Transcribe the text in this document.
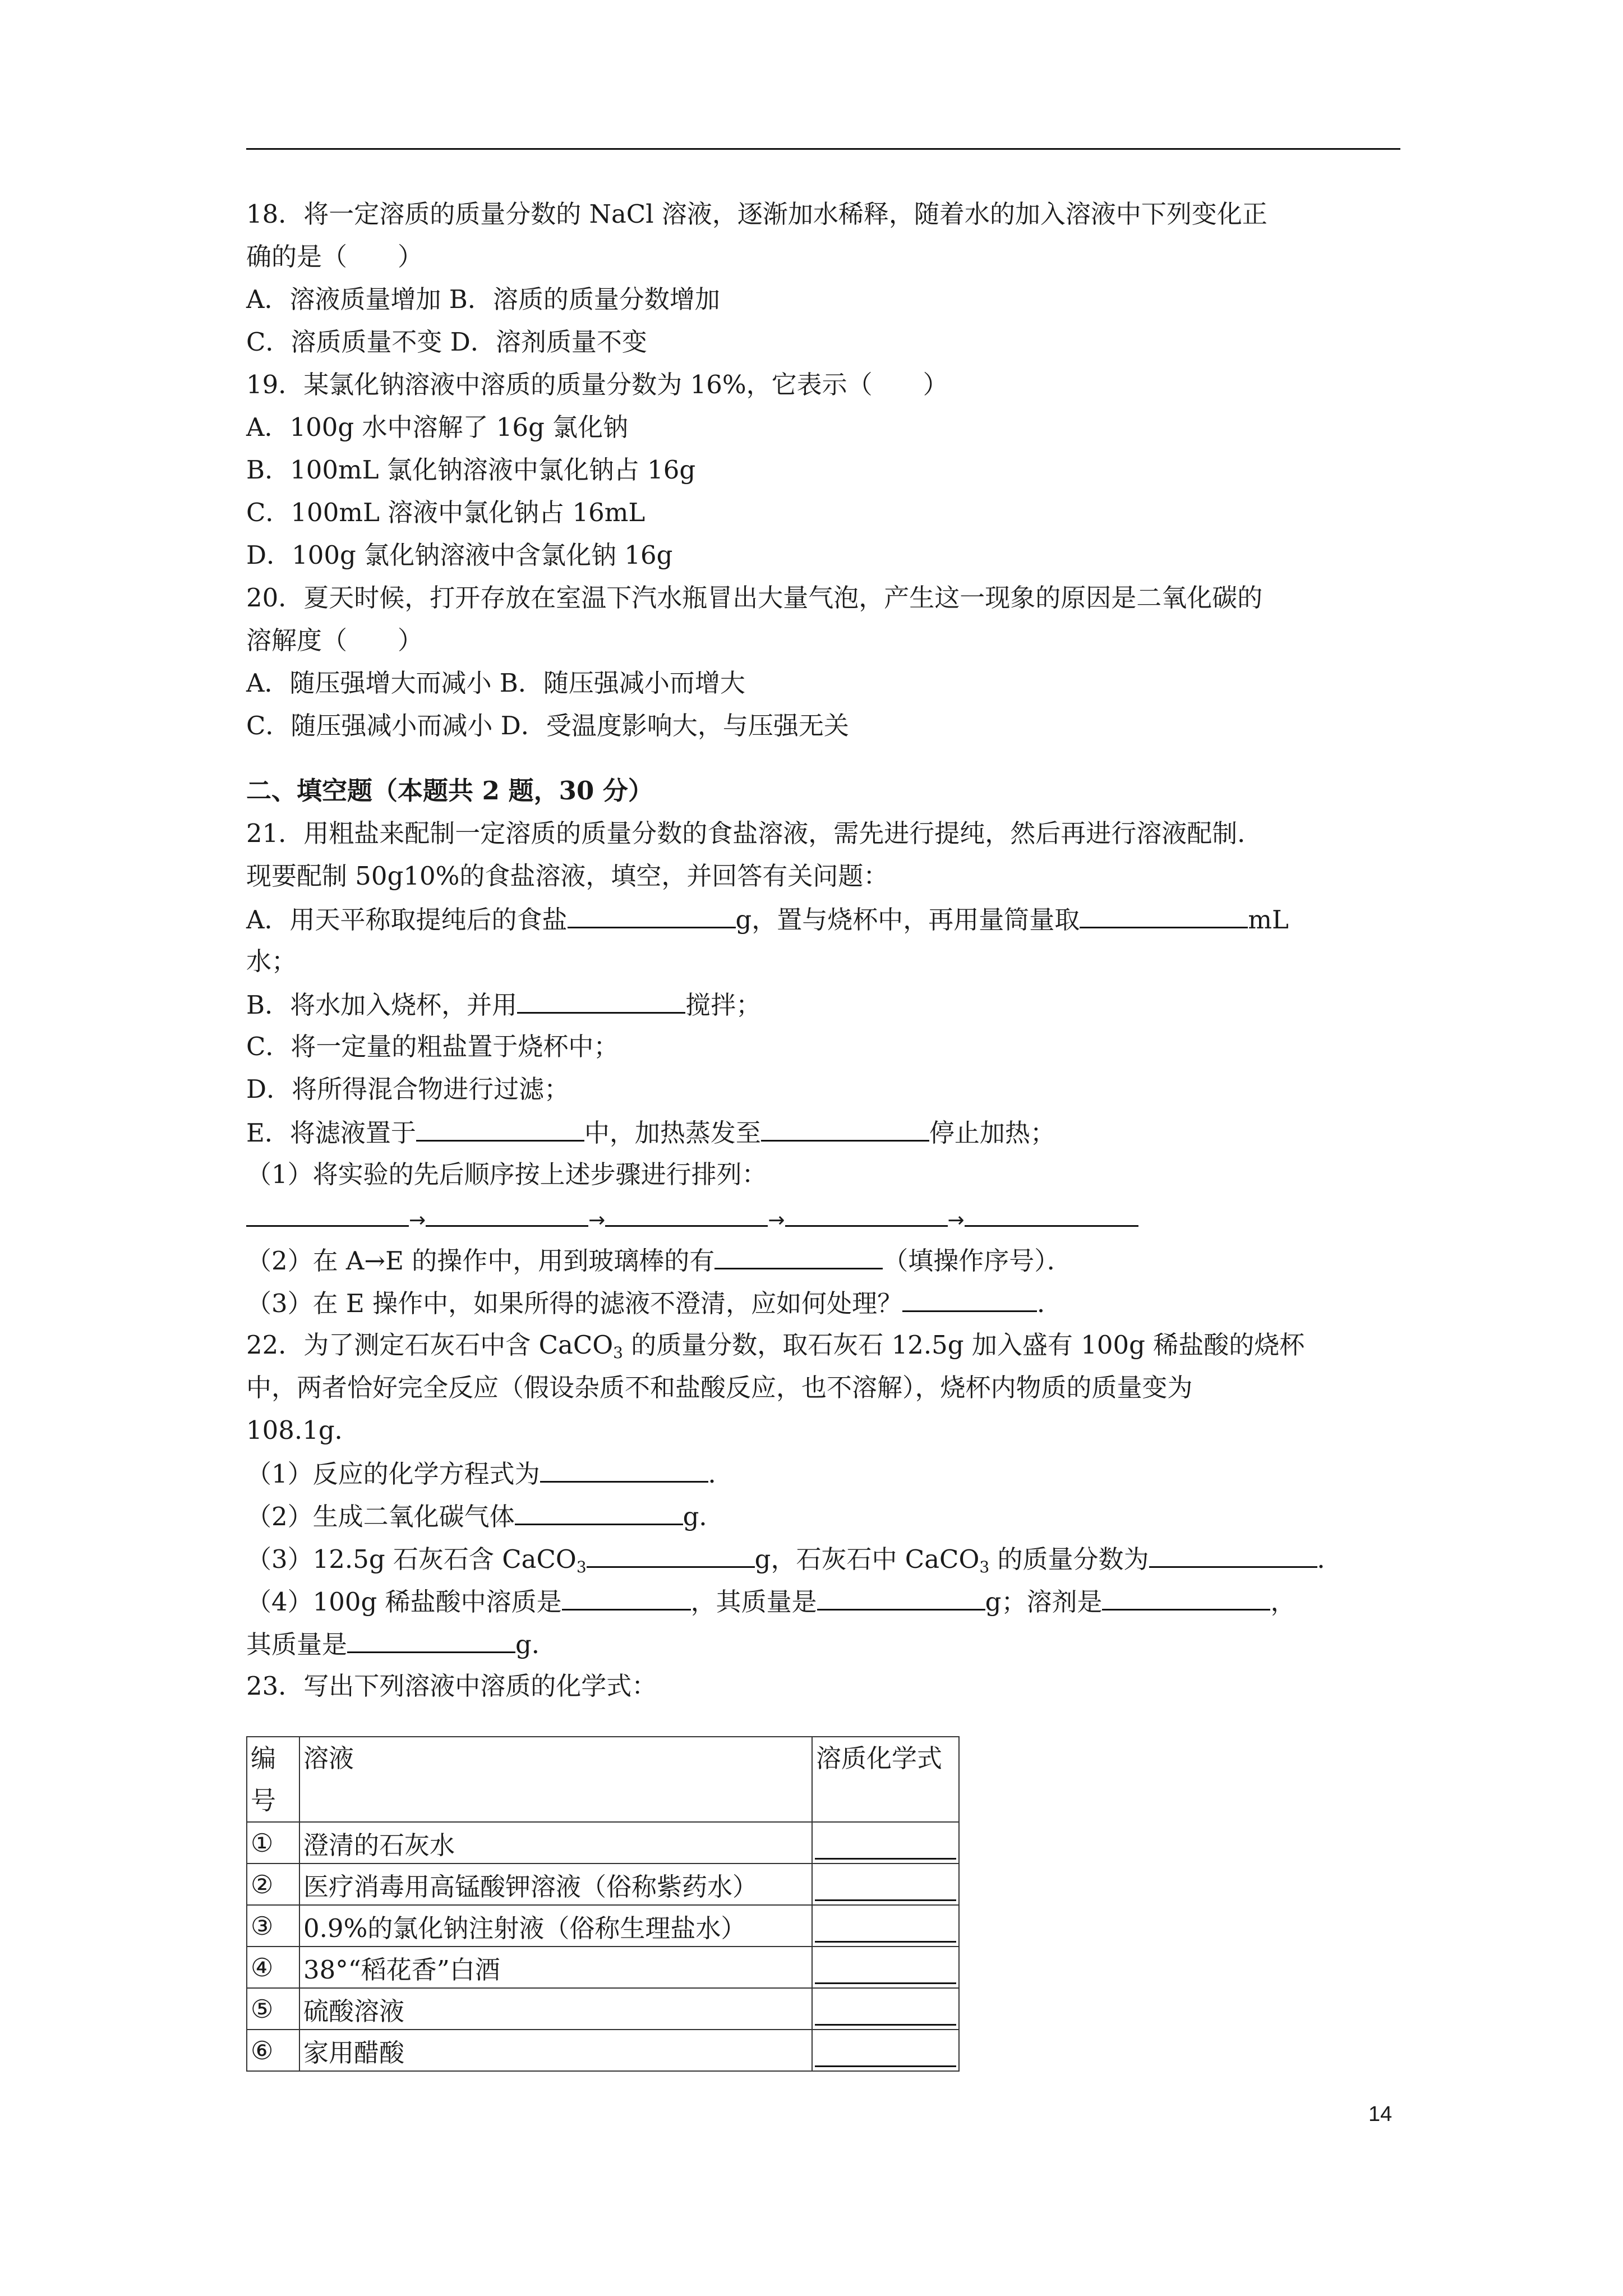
18．将一定溶质的质量分数的 NaCl 溶液，逐渐加水稀释，随着水的加入溶液中下列变化正
确的是（　　）
A．溶液质量增加 B．溶质的质量分数增加
C．溶质质量不变 D．溶剂质量不变
19．某氯化钠溶液中溶质的质量分数为 16%，它表示（　　）
A．100g 水中溶解了 16g 氯化钠
B．100mL 氯化钠溶液中氯化钠占 16g
C．100mL 溶液中氯化钠占 16mL
D．100g 氯化钠溶液中含氯化钠 16g
20．夏天时候，打开存放在室温下汽水瓶冒出大量气泡，产生这一现象的原因是二氧化碳的
溶解度（　　）
A．随压强增大而减小 B．随压强减小而增大
C．随压强减小而减小 D．受温度影响大，与压强无关
二、填空题（本题共 2 题，30 分）
21．用粗盐来配制一定溶质的质量分数的食盐溶液，需先进行提纯，然后再进行溶液配制．
现要配制 50g10%的食盐溶液，填空，并回答有关问题：
A．用天平称取提纯后的食盐	g，置与烧杯中，再用量筒量取	mL
水；
B．将水加入烧杯，并用	搅拌；
C．将一定量的粗盐置于烧杯中；
D．将所得混合物进行过滤；
E．将滤液置于	中，加热蒸发至	停止加热；
（1）将实验的先后顺序按上述步骤进行排列：
→	→	→	→
（2）在 A→E 的操作中，用到玻璃棒的有	（填操作序号）．
（3）在 E 操作中，如果所得的滤液不澄清，应如何处理？	．
22．为了测定石灰石中含 CaCO$_3$ 的质量分数，取石灰石 12.5g 加入盛有 100g 稀盐酸的烧杯
中，两者恰好完全反应（假设杂质不和盐酸反应，也不溶解），烧杯内物质的质量变为
108.1g．
（1）反应的化学方程式为	．
（2）生成二氧化碳气体	g．
（3）12.5g 石灰石含 CaCO$_3$	g，石灰石中 CaCO$_3$ 的质量分数为	．
（4）100g 稀盐酸中溶质是	，其质量是	g；溶剂是	，
其质量是	g．
23．写出下列溶液中溶质的化学式：
编号	溶液	溶质化学式
①	澄清的石灰水	

②	医疗消毒用高锰酸钾溶液（俗称紫药水）	

③	0.9%的氯化钠注射液（俗称生理盐水）	

④	38°“稻花香”白酒	

⑤	硫酸溶液	

⑥	家用醋酸	
14
